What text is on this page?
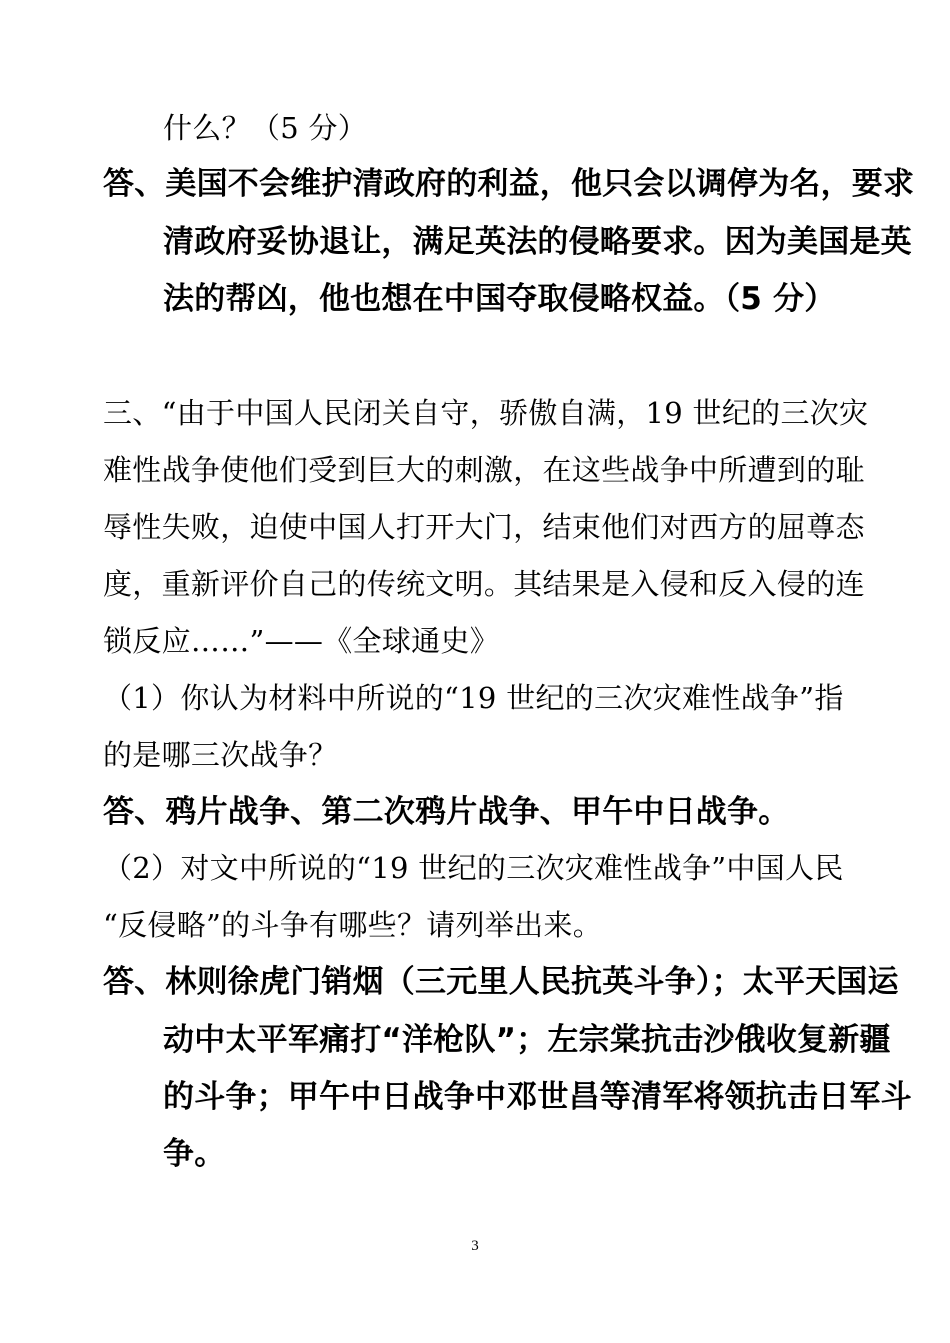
什么？（5 分）

答、美国不会维护清政府的利益，他只会以调停为名，要求

清政府妥协退让，满足英法的侵略要求。因为美国是英

法的帮凶，他也想在中国夺取侵略权益。（5 分）

三、“由于中国人民闭关自守，骄傲自满，19 世纪的三次灾

难性战争使他们受到巨大的刺激，在这些战争中所遭到的耻

辱性失败，迫使中国人打开大门，结束他们对西方的屈尊态

度，重新评价自己的传统文明。其结果是入侵和反入侵的连

锁反应……”——《全球通史》

（1）你认为材料中所说的“19 世纪的三次灾难性战争”指

的是哪三次战争？

答、鸦片战争、第二次鸦片战争、甲午中日战争。

（2）对文中所说的“19 世纪的三次灾难性战争”中国人民

“反侵略”的斗争有哪些？请列举出来。

答、林则徐虎门销烟（三元里人民抗英斗争）；太平天国运

动中太平军痛打“洋枪队”；左宗棠抗击沙俄收复新疆

的斗争；甲午中日战争中邓世昌等清军将领抗击日军斗

争。

3
